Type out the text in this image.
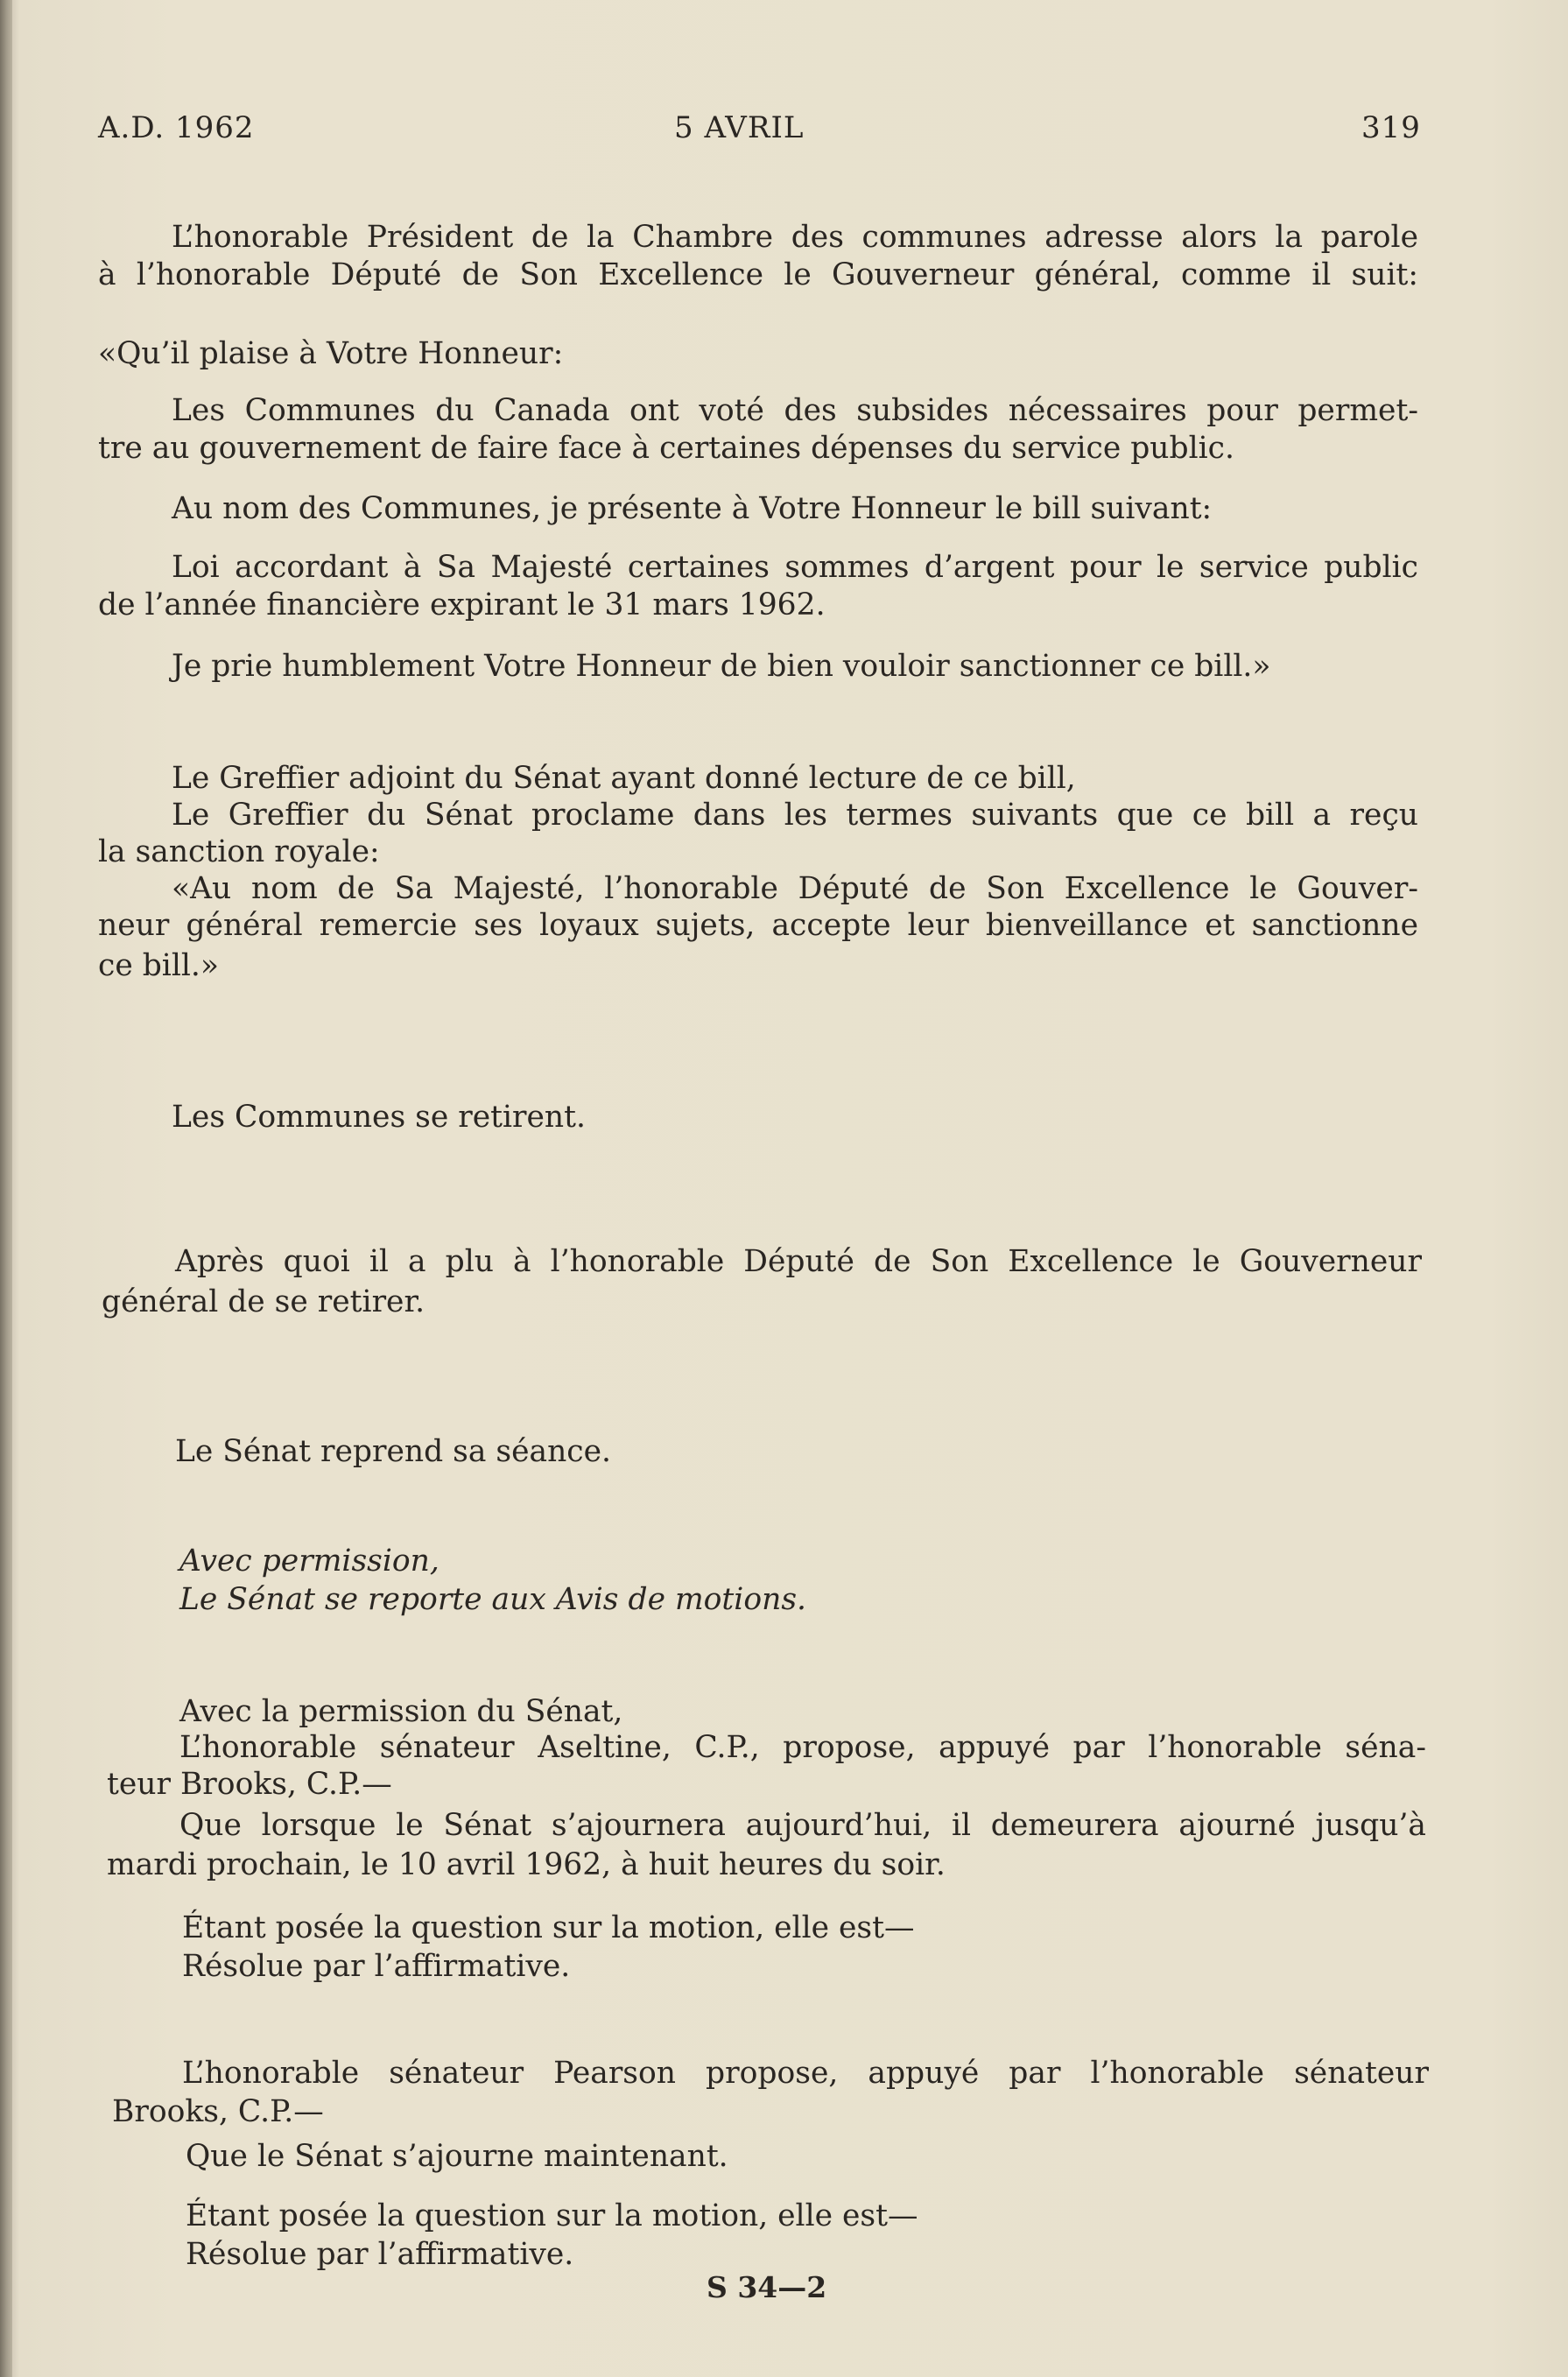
A.D. 1962	5 AVRIL	319
L’honorable Président de la Chambre des communes adresse alors la parole
à l’honorable Député de Son Excellence le Gouverneur général, comme il suit:
«Qu’il plaise à Votre Honneur:
Les Communes du Canada ont voté des subsides nécessaires pour permet-
tre au gouvernement de faire face à certaines dépenses du service public.
Au nom des Communes, je présente à Votre Honneur le bill suivant:
Loi accordant à Sa Majesté certaines sommes d’argent pour le service public
de l’année financière expirant le 31 mars 1962.
Je prie humblement Votre Honneur de bien vouloir sanctionner ce bill.»
Le Greffier adjoint du Sénat ayant donné lecture de ce bill,
Le Greffier du Sénat proclame dans les termes suivants que ce bill a reçu
la sanction royale:
«Au nom de Sa Majesté, l’honorable Député de Son Excellence le Gouver-
neur général remercie ses loyaux sujets, accepte leur bienveillance et sanctionne
ce bill.»
Les Communes se retirent.
Après quoi il a plu à l’honorable Député de Son Excellence le Gouverneur
général de se retirer.
Le Sénat reprend sa séance.
Avec permission,
Le Sénat se reporte aux Avis de motions.
Avec la permission du Sénat,
L’honorable sénateur Aseltine, C.P., propose, appuyé par l’honorable séna-
teur Brooks, C.P.—
Que lorsque le Sénat s’ajournera aujourd’hui, il demeurera ajourné jusqu’à
mardi prochain, le 10 avril 1962, à huit heures du soir.
Étant posée la question sur la motion, elle est—
Résolue par l’affirmative.
L’honorable sénateur Pearson propose, appuyé par l’honorable sénateur
Brooks, C.P.—
Que le Sénat s’ajourne maintenant.
Étant posée la question sur la motion, elle est—
Résolue par l’affirmative.
S 34—2
